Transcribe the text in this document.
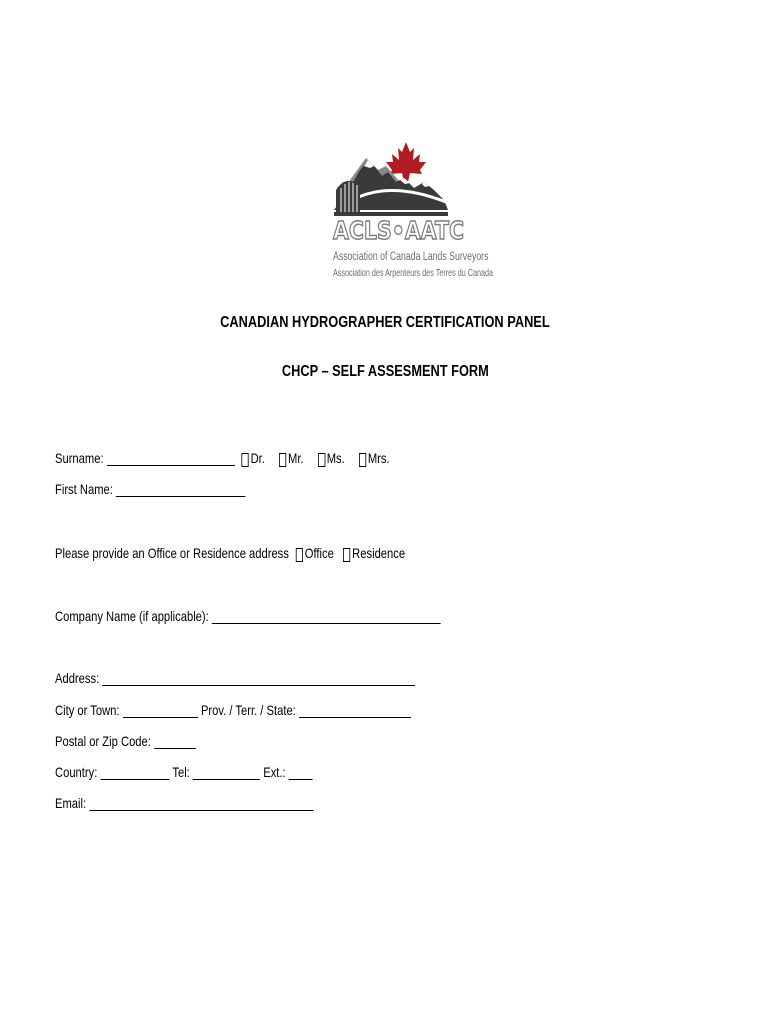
ACLS•AATC
Association of Canada Lands Surveyors
Association des Arpenteurs des Terres du Canada
CANADIAN HYDROGRAPHER CERTIFICATION PANEL
CHCP – SELF ASSESMENT FORM
Surname:	Dr. Mr. Ms. Mrs.
First Name:
Please provide an Office or Residence address Office Residence
Company Name (if applicable):
Address:
City or Town:	Prov. / Terr. / State:
Postal or Zip Code:
Country:	Tel:	Ext.:
Email:
